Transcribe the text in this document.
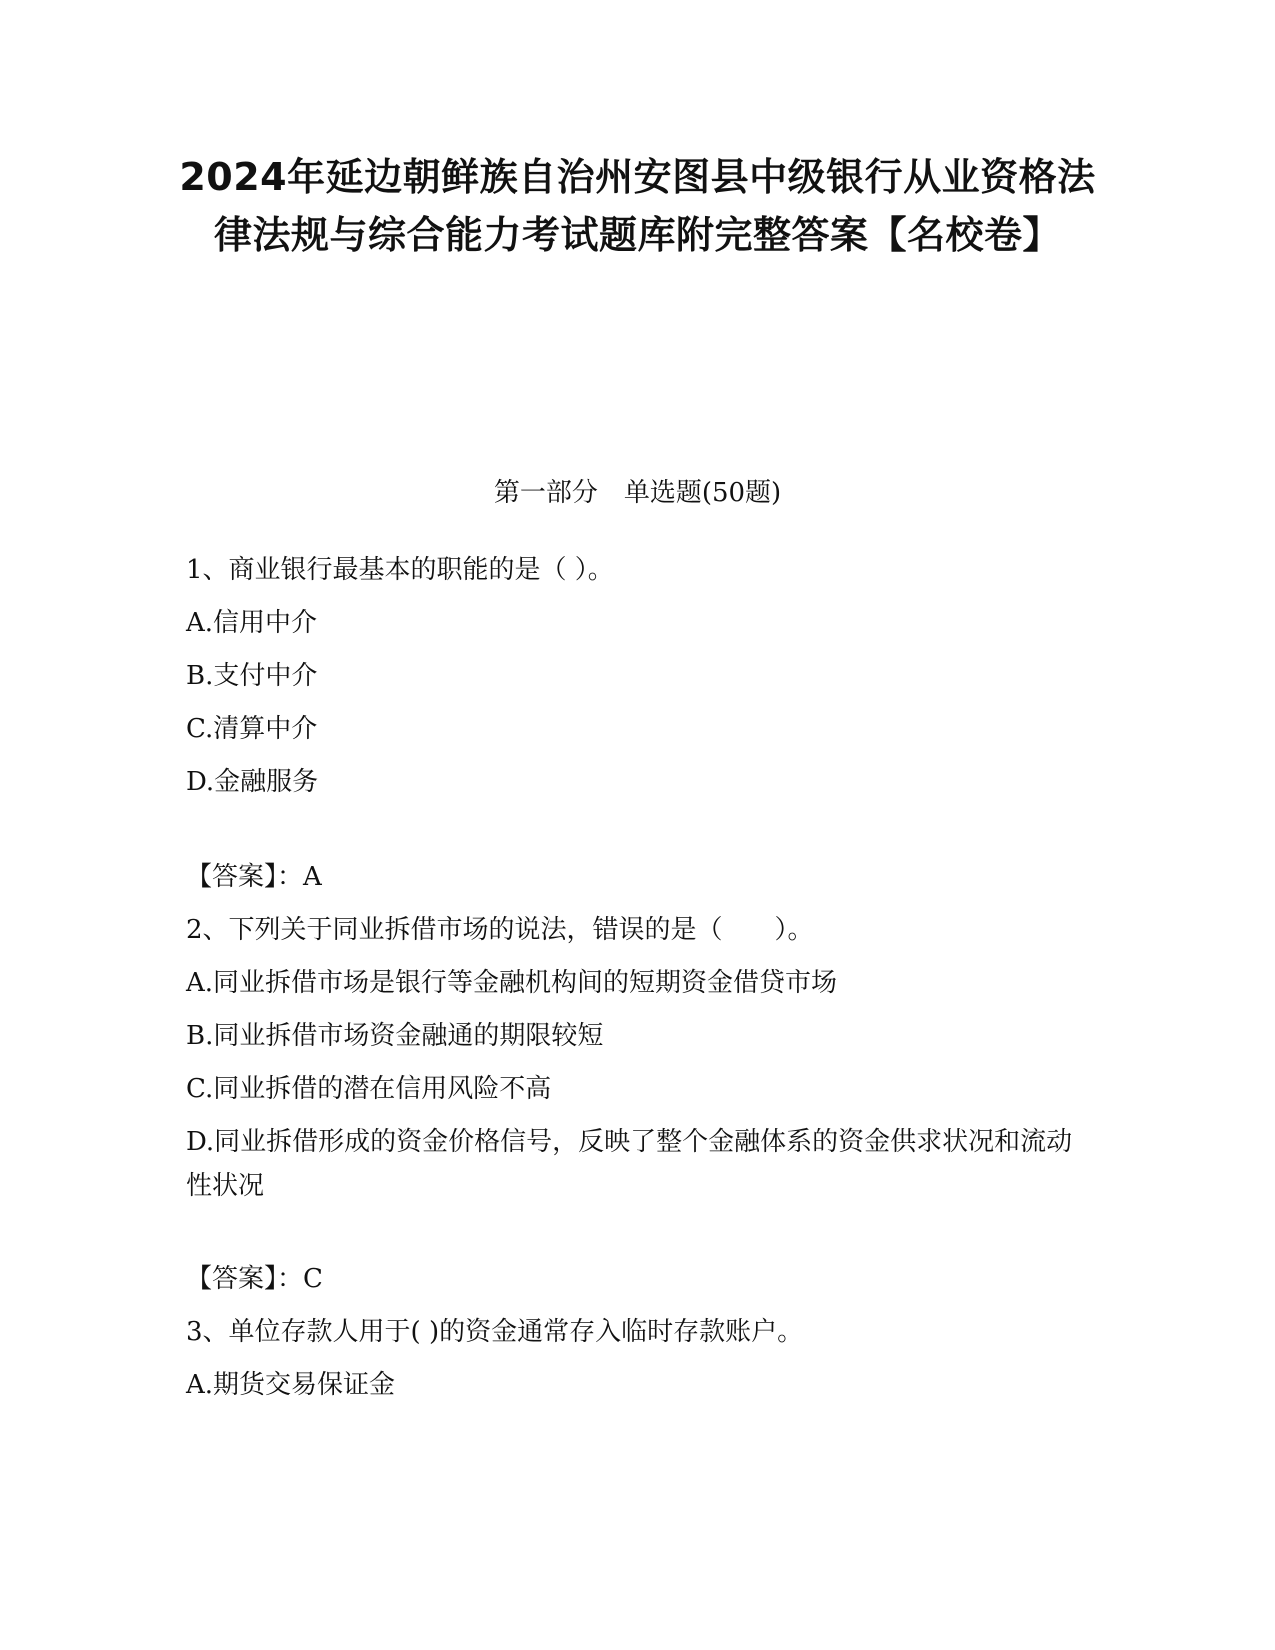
2024年延边朝鲜族自治州安图县中级银行从业资格法律法规与综合能力考试题库附完整答案【名校卷】
第一部分　单选题(50题)
1、商业银行最基本的职能的是（ ）。
A.信用中介
B.支付中介
C.清算中介
D.金融服务
【答案】：A
2、下列关于同业拆借市场的说法，错误的是（　　）。
A.同业拆借市场是银行等金融机构间的短期资金借贷市场
B.同业拆借市场资金融通的期限较短
C.同业拆借的潜在信用风险不高
D.同业拆借形成的资金价格信号，反映了整个金融体系的资金供求状况和流动性状况
【答案】：C
3、单位存款人用于( )的资金通常存入临时存款账户。
A.期货交易保证金
